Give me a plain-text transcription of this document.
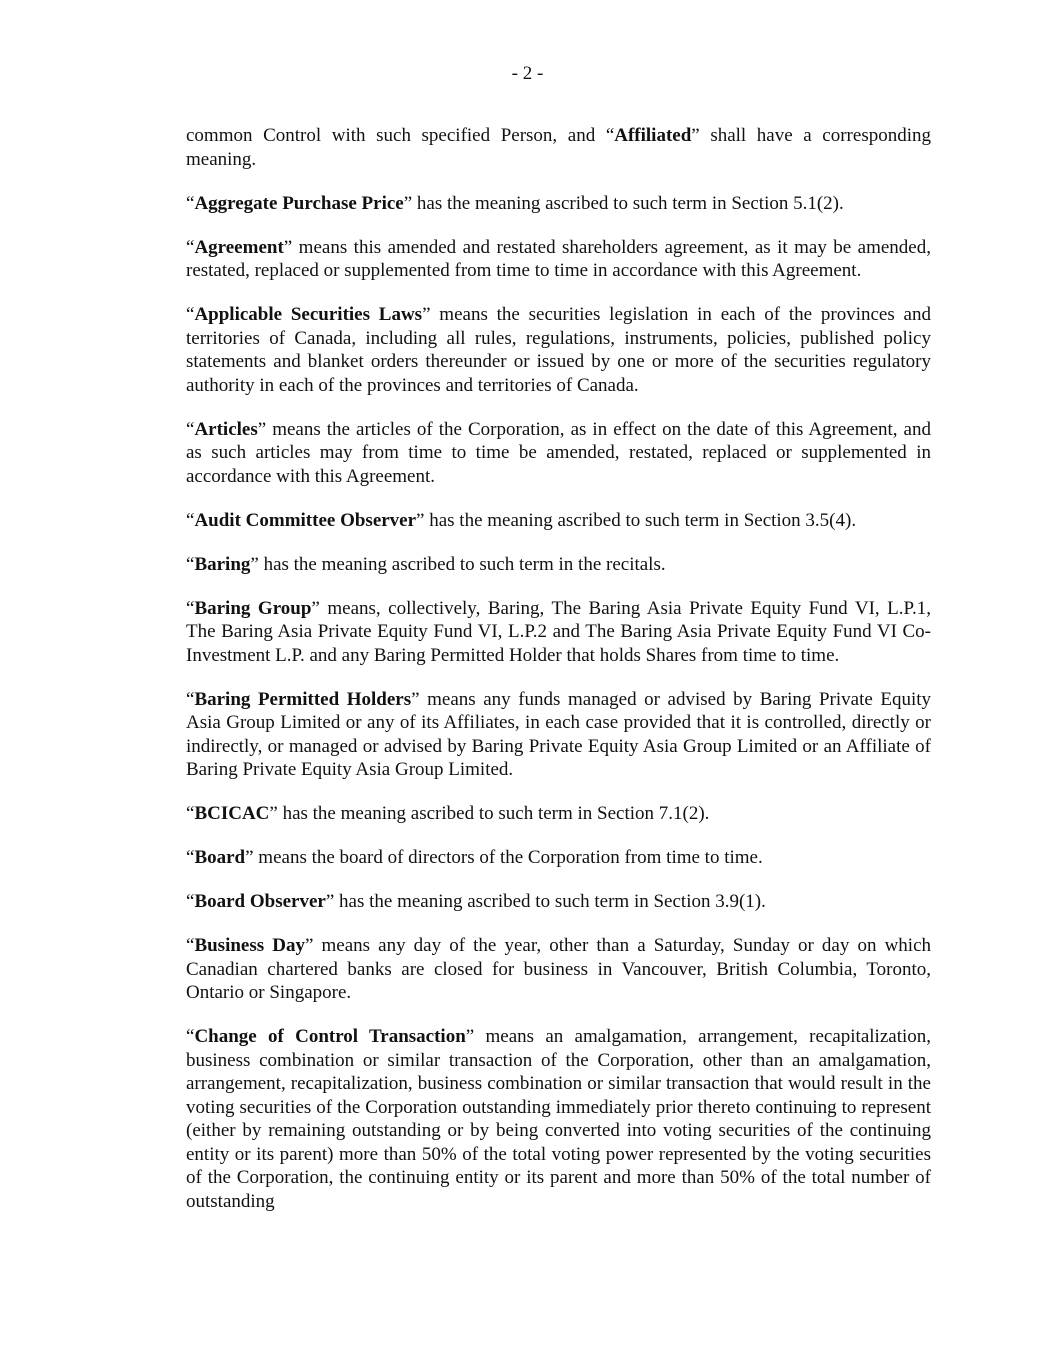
- 2 -

common Control with such specified Person, and “Affiliated” shall have a corresponding meaning.

“Aggregate Purchase Price” has the meaning ascribed to such term in Section 5.1(2).

“Agreement” means this amended and restated shareholders agreement, as it may be amended, restated, replaced or supplemented from time to time in accordance with this Agreement.

“Applicable Securities Laws” means the securities legislation in each of the provinces and territories of Canada, including all rules, regulations, instruments, policies, published policy statements and blanket orders thereunder or issued by one or more of the securities regulatory authority in each of the provinces and territories of Canada.

“Articles” means the articles of the Corporation, as in effect on the date of this Agreement, and as such articles may from time to time be amended, restated, replaced or supplemented in accordance with this Agreement.

“Audit Committee Observer” has the meaning ascribed to such term in Section 3.5(4).

“Baring” has the meaning ascribed to such term in the recitals.

“Baring Group” means, collectively, Baring, The Baring Asia Private Equity Fund VI, L.P.1, The Baring Asia Private Equity Fund VI, L.P.2 and The Baring Asia Private Equity Fund VI Co-Investment L.P. and any Baring Permitted Holder that holds Shares from time to time.

“Baring Permitted Holders” means any funds managed or advised by Baring Private Equity Asia Group Limited or any of its Affiliates, in each case provided that it is controlled, directly or indirectly, or managed or advised by Baring Private Equity Asia Group Limited or an Affiliate of Baring Private Equity Asia Group Limited.

“BCICAC” has the meaning ascribed to such term in Section 7.1(2).

“Board” means the board of directors of the Corporation from time to time.

“Board Observer” has the meaning ascribed to such term in Section 3.9(1).

“Business Day” means any day of the year, other than a Saturday, Sunday or day on which Canadian chartered banks are closed for business in Vancouver, British Columbia, Toronto, Ontario or Singapore.

“Change of Control Transaction” means an amalgamation, arrangement, recapitalization, business combination or similar transaction of the Corporation, other than an amalgamation, arrangement, recapitalization, business combination or similar transaction that would result in the voting securities of the Corporation outstanding immediately prior thereto continuing to represent (either by remaining outstanding or by being converted into voting securities of the continuing entity or its parent) more than 50% of the total voting power represented by the voting securities of the Corporation, the continuing entity or its parent and more than 50% of the total number of outstanding
